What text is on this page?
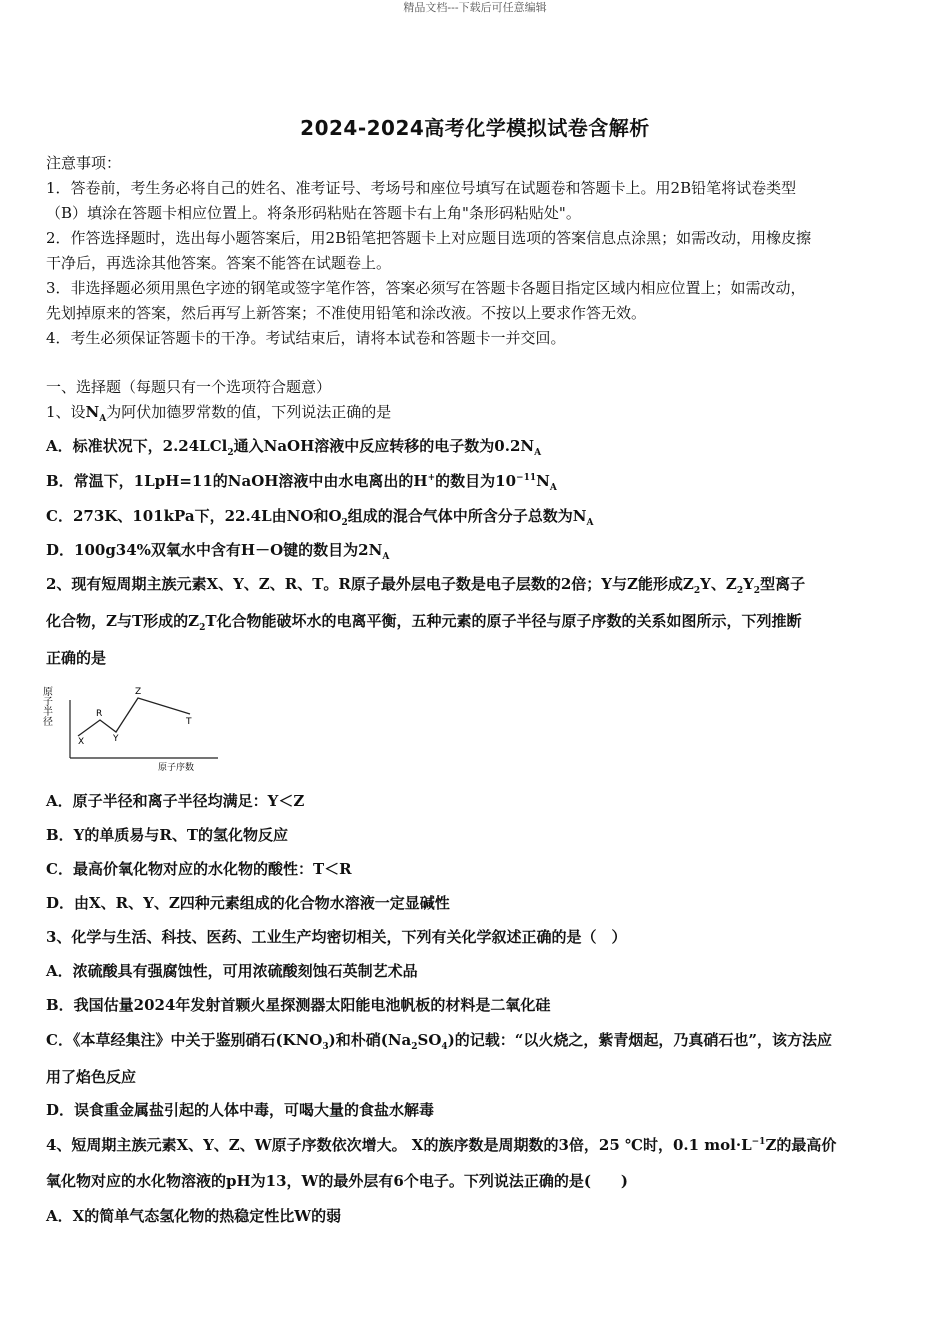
精品文档---下载后可任意编辑
2024-2024高考化学模拟试卷含解析
注意事项：
1．答卷前，考生务必将自己的姓名、准考证号、考场号和座位号填写在试题卷和答题卡上。用2B铅笔将试卷类型
（B）填涂在答题卡相应位置上。将条形码粘贴在答题卡右上角"条形码粘贴处"。
2．作答选择题时，选出每小题答案后，用2B铅笔把答题卡上对应题目选项的答案信息点涂黑；如需改动，用橡皮擦
干净后，再选涂其他答案。答案不能答在试题卷上。
3．非选择题必须用黑色字迹的钢笔或签字笔作答，答案必须写在答题卡各题目指定区域内相应位置上；如需改动，
先划掉原来的答案，然后再写上新答案；不准使用铅笔和涂改液。不按以上要求作答无效。
4．考生必须保证答题卡的干净。考试结束后，请将本试卷和答题卡一并交回。
一、选择题（每题只有一个选项符合题意）
1、设$N_A$为阿伏加德罗常数的值，下列说法正确的是
A．标准状况下，2.24LCl$_2$通入NaOH溶液中反应转移的电子数为$0.2N_A$
B．常温下，1LpH=11的NaOH溶液中由水电离出的H+的数目为$10^{-11}N_A$
C．273K、101kPa下，22.4L由NO和$O_2$组成的混合气体中所含分子总数为$N_A$
D．100g34%双氧水中含有H－O键的数目为$2N_A$
2、现有短周期主族元素X、Y、Z、R、T。R原子最外层电子数是电子层数的2倍；Y与Z能形成$Z_2Y$、$Z_2Y_2$型离子
化合物，Z与T形成的$Z_2T$化合物能破坏水的电离平衡，五种元素的原子半径与原子序数的关系如图所示，下列推断
正确的是
原子半径
X
R
Y
Z
T
原子序数
A．原子半径和离子半径均满足：Y＜Z
B．Y的单质易与R、T的氢化物反应
C．最高价氧化物对应的水化物的酸性：T＜R
D．由X、R、Y、Z四种元素组成的化合物水溶液一定显碱性
3、化学与生活、科技、医药、工业生产均密切相关，下列有关化学叙述正确的是（　）
A．浓硫酸具有强腐蚀性，可用浓硫酸刻蚀石英制艺术品
B．我国估量2024年发射首颗火星探测器太阳能电池帆板的材料是二氧化硅
C．《本草经集注》中关于鉴别硝石$(KNO_3)$和朴硝$(Na_2SO_4)$的记载：“以火烧之，紫青烟起，乃真硝石也”，该方法应
用了焰色反应
D．误食重金属盐引起的人体中毒，可喝大量的食盐水解毒
4、短周期主族元素X、Y、Z、W原子序数依次增大。 X的族序数是周期数的3倍，25 ℃时，0.1 $mol\cdot L^{-1}Z$的最高价
氧化物对应的水化物溶液的pH为13，W的最外层有6个电子。下列说法正确的是(　　)
A．X的简单气态氢化物的热稳定性比W的弱
